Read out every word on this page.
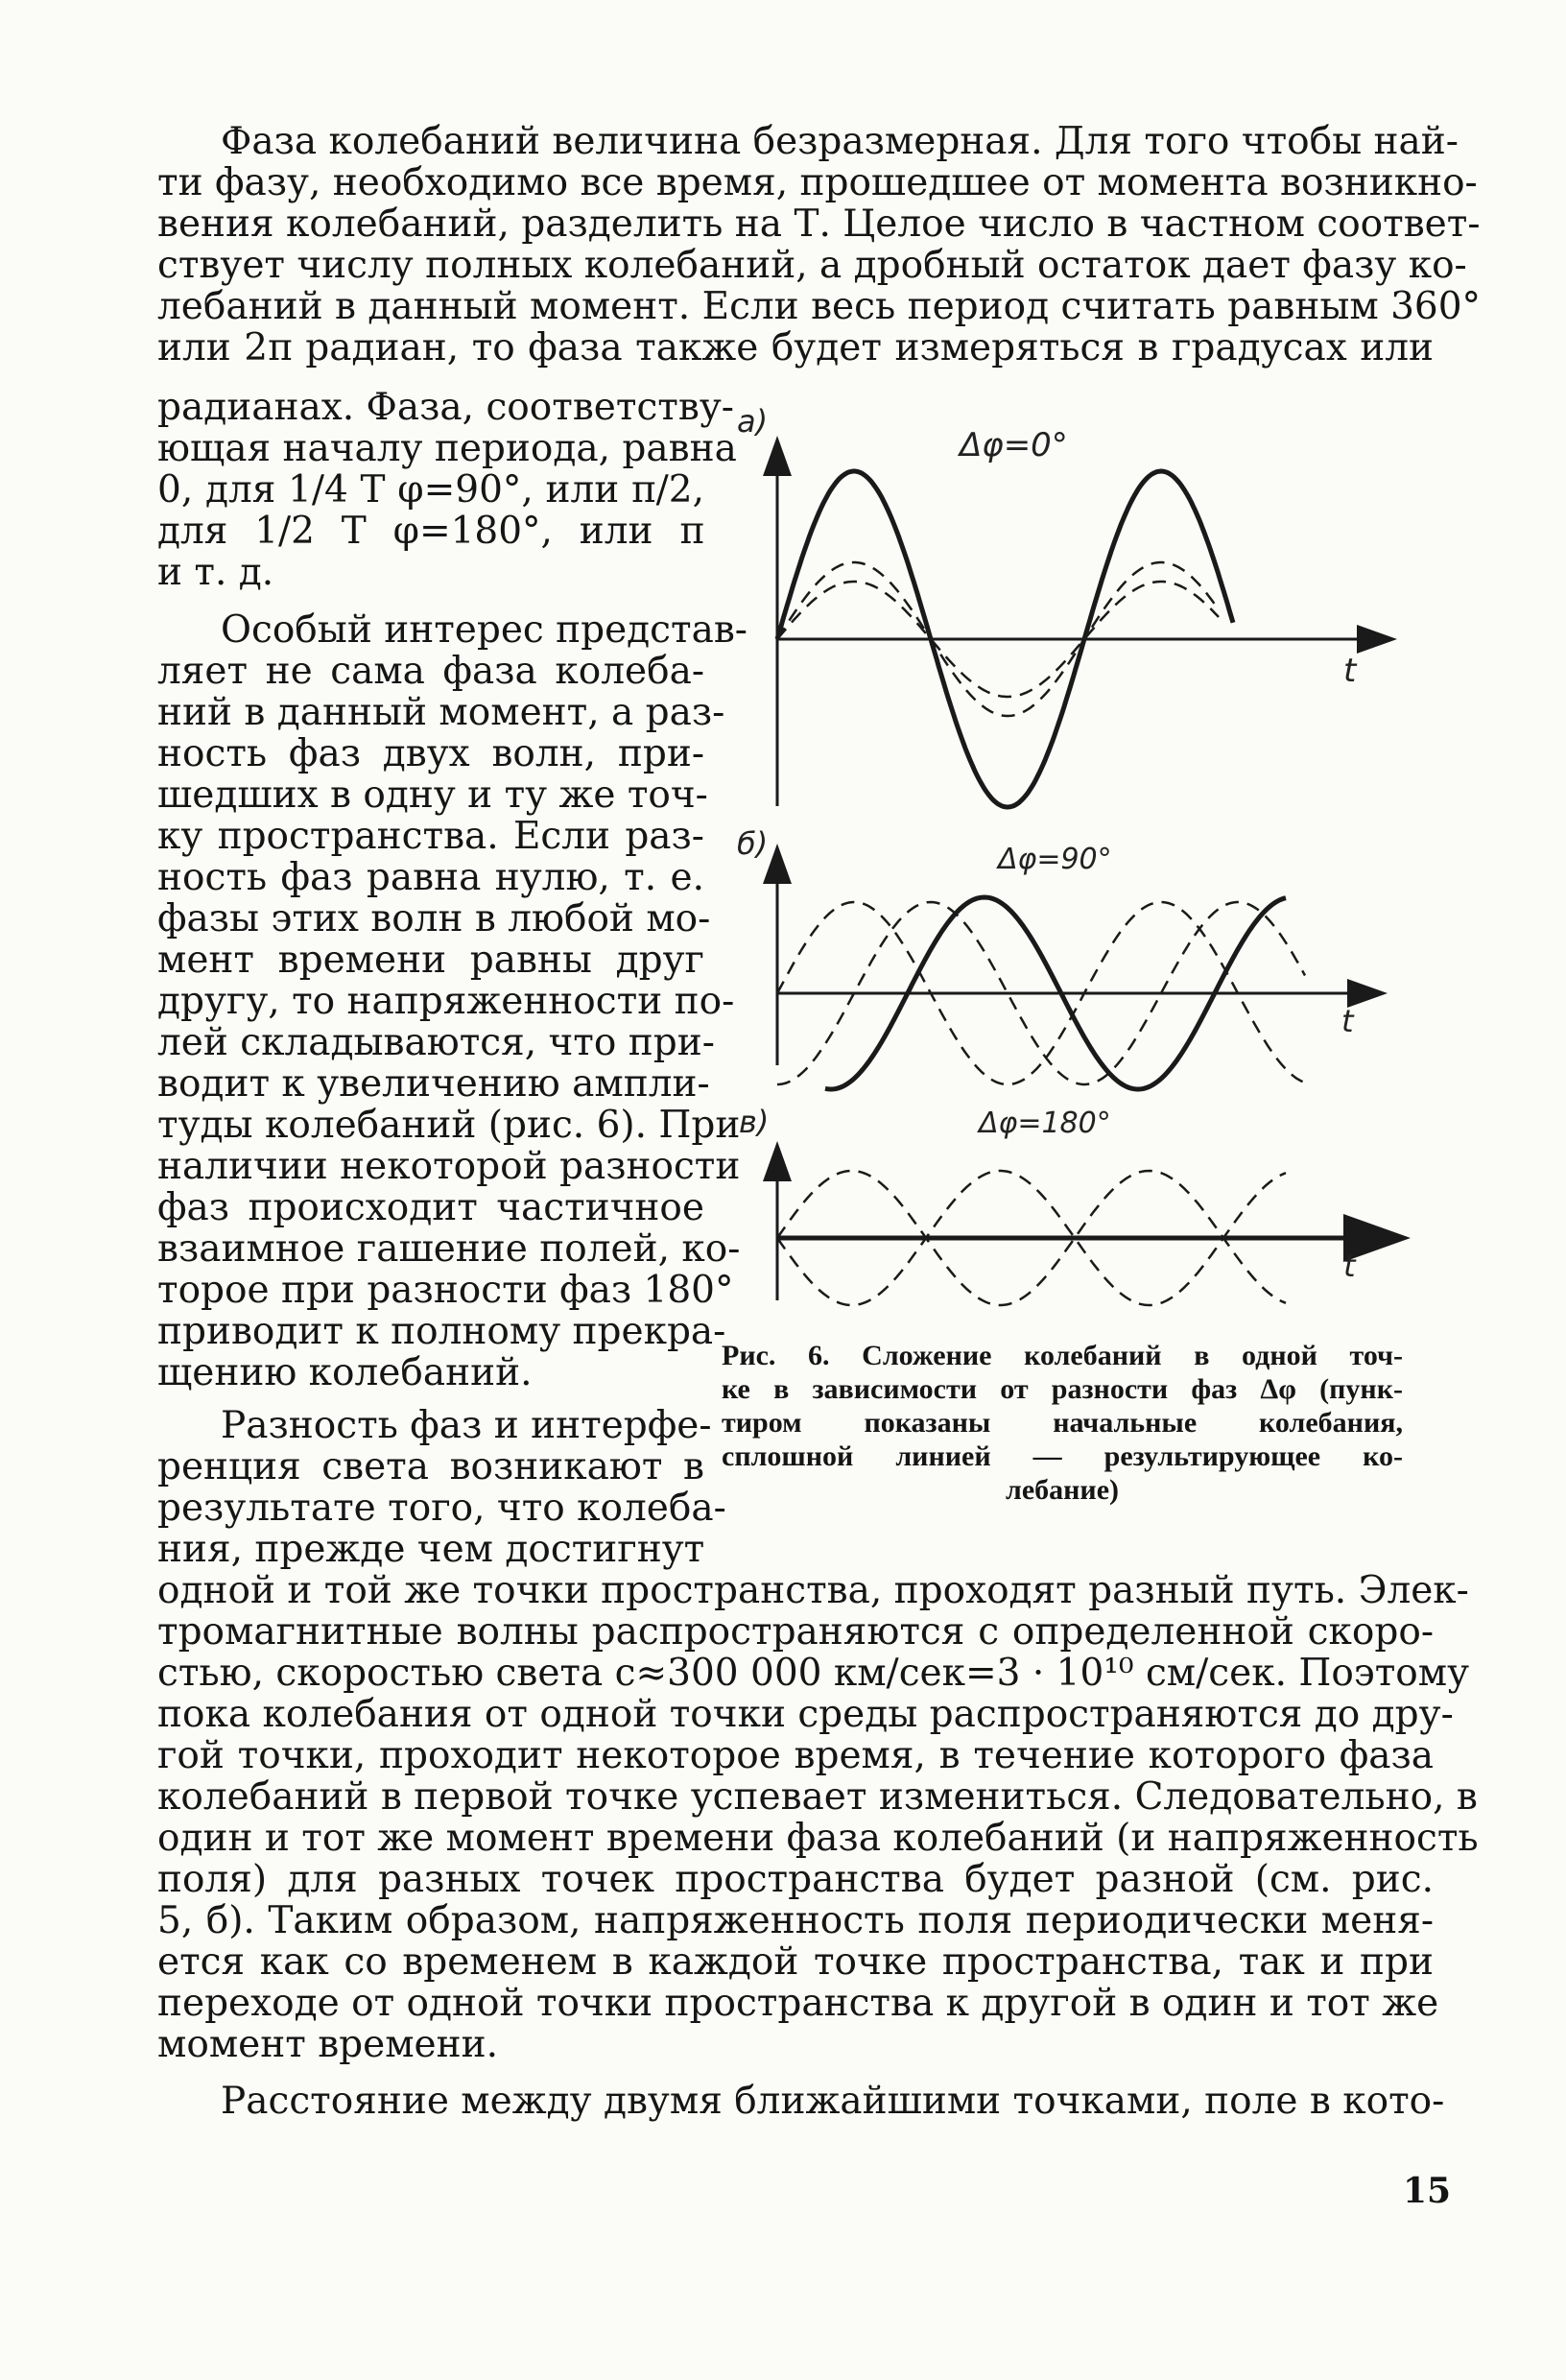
Фаза колебаний величина безразмерная. Для того чтобы най-
ти фазу, необходимо все время, прошедшее от момента возникно-
вения колебаний, разделить на Т. Целое число в частном соответ-
ствует числу полных колебаний, а дробный остаток дает фазу ко-
лебаний в данный момент. Если весь период считать равным 360°
или 2π радиан, то фаза также будет измеряться в градусах или
радианах. Фаза, соответству-
ющая началу периода, равна
0, для 1/4 Т φ=90°, или π/2,
для 1/2 Т φ=180°, или π
и т. д.
Особый интерес представ-
ляет не сама фаза колеба-
ний в данный момент, а раз-
ность фаз двух волн, при-
шедших в одну и ту же точ-
ку пространства. Если раз-
ность фаз равна нулю, т. е.
фазы этих волн в любой мо-
мент времени равны друг
другу, то напряженности по-
лей складываются, что при-
водит к увеличению ампли-
туды колебаний (рис. 6). При
наличии некоторой разности
фаз происходит частичное
взаимное гашение полей, ко-
торое при разности фаз 180°
приводит к полному прекра-
щению колебаний.
Разность фаз и интерфе-
ренция света возникают в
результате того, что колеба-
ния, прежде чем достигнут
а)
Δφ=0°
t
б)	Δφ=90°
t
в)	Δφ=180°
t
Рис. 6. Сложение колебаний в одной точ-
ке в зависимости от разности фаз Δφ (пунк-
тиром показаны начальные колебания,
сплошной линией — результирующее ко-
лебание)
одной и той же точки пространства, проходят разный путь. Элек-
тромагнитные волны распространяются с определенной скоро-
стью, скоростью света с≈300 000 км/сек=3 · 10¹⁰ см/сек. Поэтому
пока колебания от одной точки среды распространяются до дру-
гой точки, проходит некоторое время, в течение которого фаза
колебаний в первой точке успевает измениться. Следовательно, в
один и тот же момент времени фаза колебаний (и напряженность
поля) для разных точек пространства будет разной (см. рис.
5, б). Таким образом, напряженность поля периодически меня-
ется как со временем в каждой точке пространства, так и при
переходе от одной точки пространства к другой в один и тот же
момент времени.
Расстояние между двумя ближайшими точками, поле в кото-
15
